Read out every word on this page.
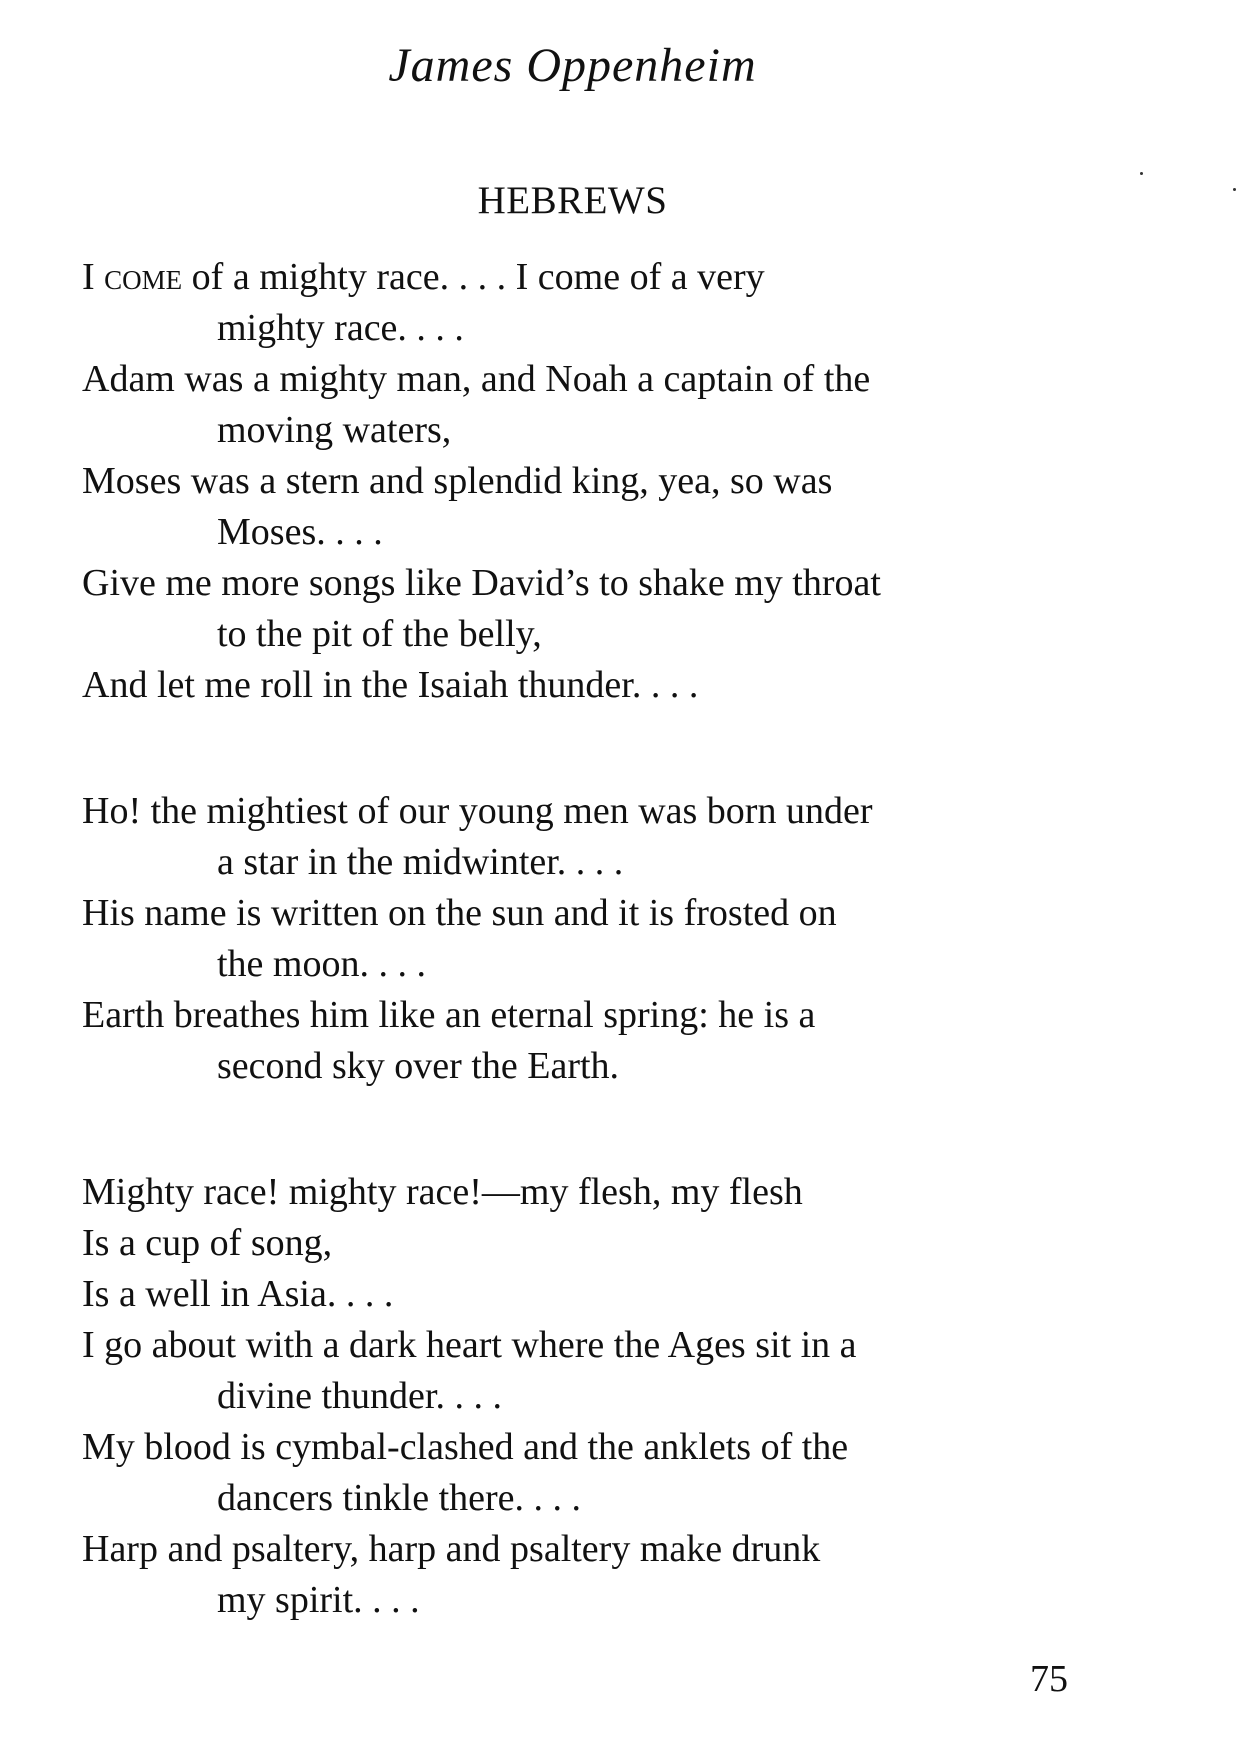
James Oppenheim
HEBREWS

I come of a mighty race. . . . I come of a very

mighty race. . . .

Adam was a mighty man, and Noah a captain of the

moving waters,

Moses was a stern and splendid king, yea, so was

Moses. . . .

Give me more songs like David’s to shake my throat

to the pit of the belly,

And let me roll in the Isaiah thunder. . . .

Ho! the mightiest of our young men was born under

a star in the midwinter. . . .

His name is written on the sun and it is frosted on

the moon. . . .

Earth breathes him like an eternal spring: he is a

second sky over the Earth.

Mighty race! mighty race!—my flesh, my flesh

Is a cup of song,

Is a well in Asia. . . .

I go about with a dark heart where the Ages sit in a

divine thunder. . . .

My blood is cymbal-clashed and the anklets of the

dancers tinkle there. . . .

Harp and psaltery, harp and psaltery make drunk

my spirit. . . .

75
